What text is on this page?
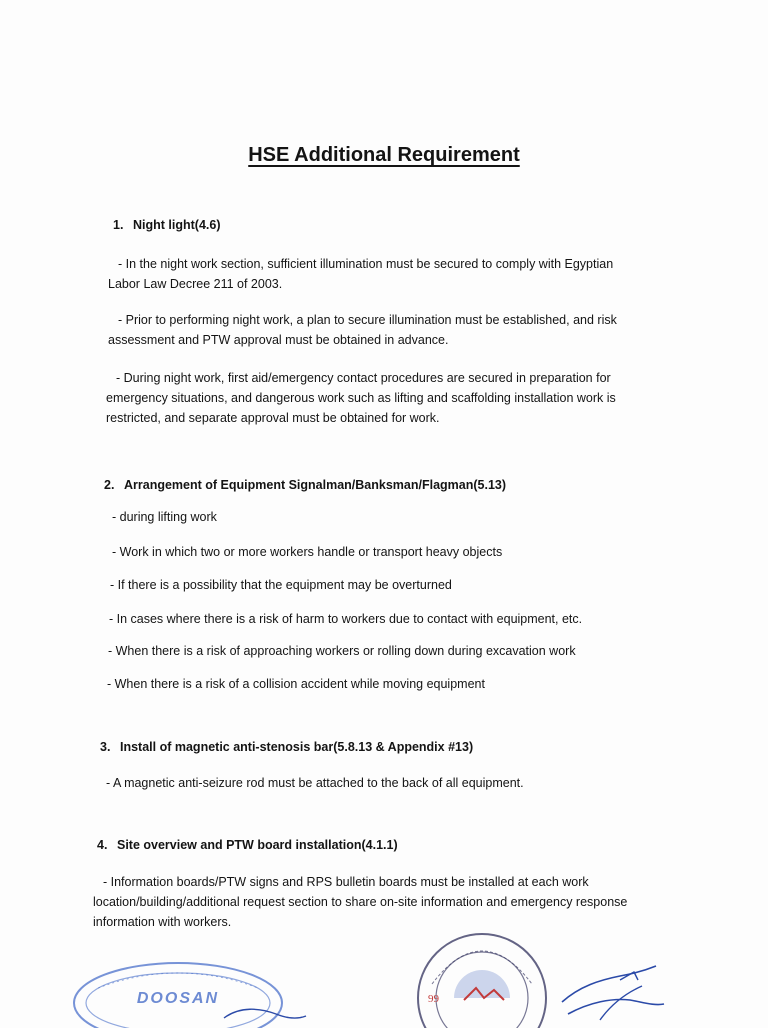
HSE Additional Requirement
1. Night light(4.6)
- In the night work section, sufficient illumination must be secured to comply with Egyptian
Labor Law Decree 211 of 2003.
- Prior to performing night work, a plan to secure illumination must be established, and risk
assessment and PTW approval must be obtained in advance.
- During night work, first aid/emergency contact procedures are secured in preparation for
emergency situations, and dangerous work such as lifting and scaffolding installation work is
restricted, and separate approval must be obtained for work.
2. Arrangement of Equipment Signalman/Banksman/Flagman(5.13)
- during lifting work
- Work in which two or more workers handle or transport heavy objects
- If there is a possibility that the equipment may be overturned
- In cases where there is a risk of harm to workers due to contact with equipment, etc.
- When there is a risk of approaching workers or rolling down during excavation work
- When there is a risk of a collision accident while moving equipment
3. Install of magnetic anti-stenosis bar(5.8.13 & Appendix #13)
- A magnetic anti-seizure rod must be attached to the back of all equipment.
4. Site overview and PTW board installation(4.1.1)
- Information boards/PTW signs and RPS bulletin boards must be installed at each work
location/building/additional request section to share on-site information and emergency response
information with workers.
DOOSAN	99
